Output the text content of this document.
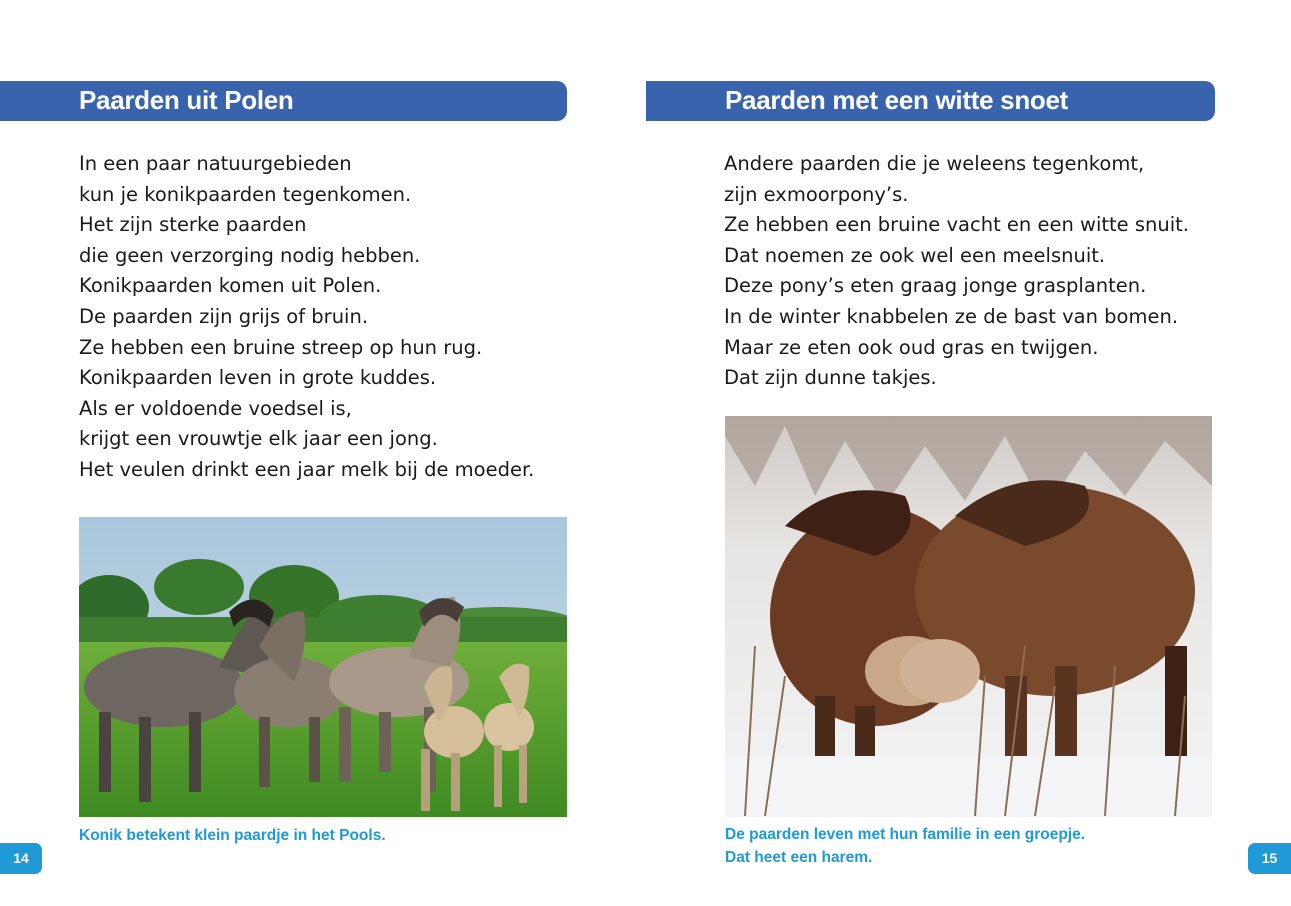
Paarden uit Polen
In een paar natuurgebieden
kun je konikpaarden tegenkomen.
Het zijn sterke paarden
die geen verzorging nodig hebben.
Konikpaarden komen uit Polen.
De paarden zijn grijs of bruin.
Ze hebben een bruine streep op hun rug.
Konikpaarden leven in grote kuddes.
Als er voldoende voedsel is,
krijgt een vrouwtje elk jaar een jong.
Het veulen drinkt een jaar melk bij de moeder.

Konik betekent klein paardje in het Pools.

14
Paarden met een witte snoet
Andere paarden die je weleens tegenkomt,
zijn exmoorpony’s.
Ze hebben een bruine vacht en een witte snuit.
Dat noemen ze ook wel een meelsnuit.
Deze pony’s eten graag jonge grasplanten.
In de winter knabbelen ze de bast van bomen.
Maar ze eten ook oud gras en twijgen.
Dat zijn dunne takjes.

De paarden leven met hun familie in een groepje.
Dat heet een harem.	15
